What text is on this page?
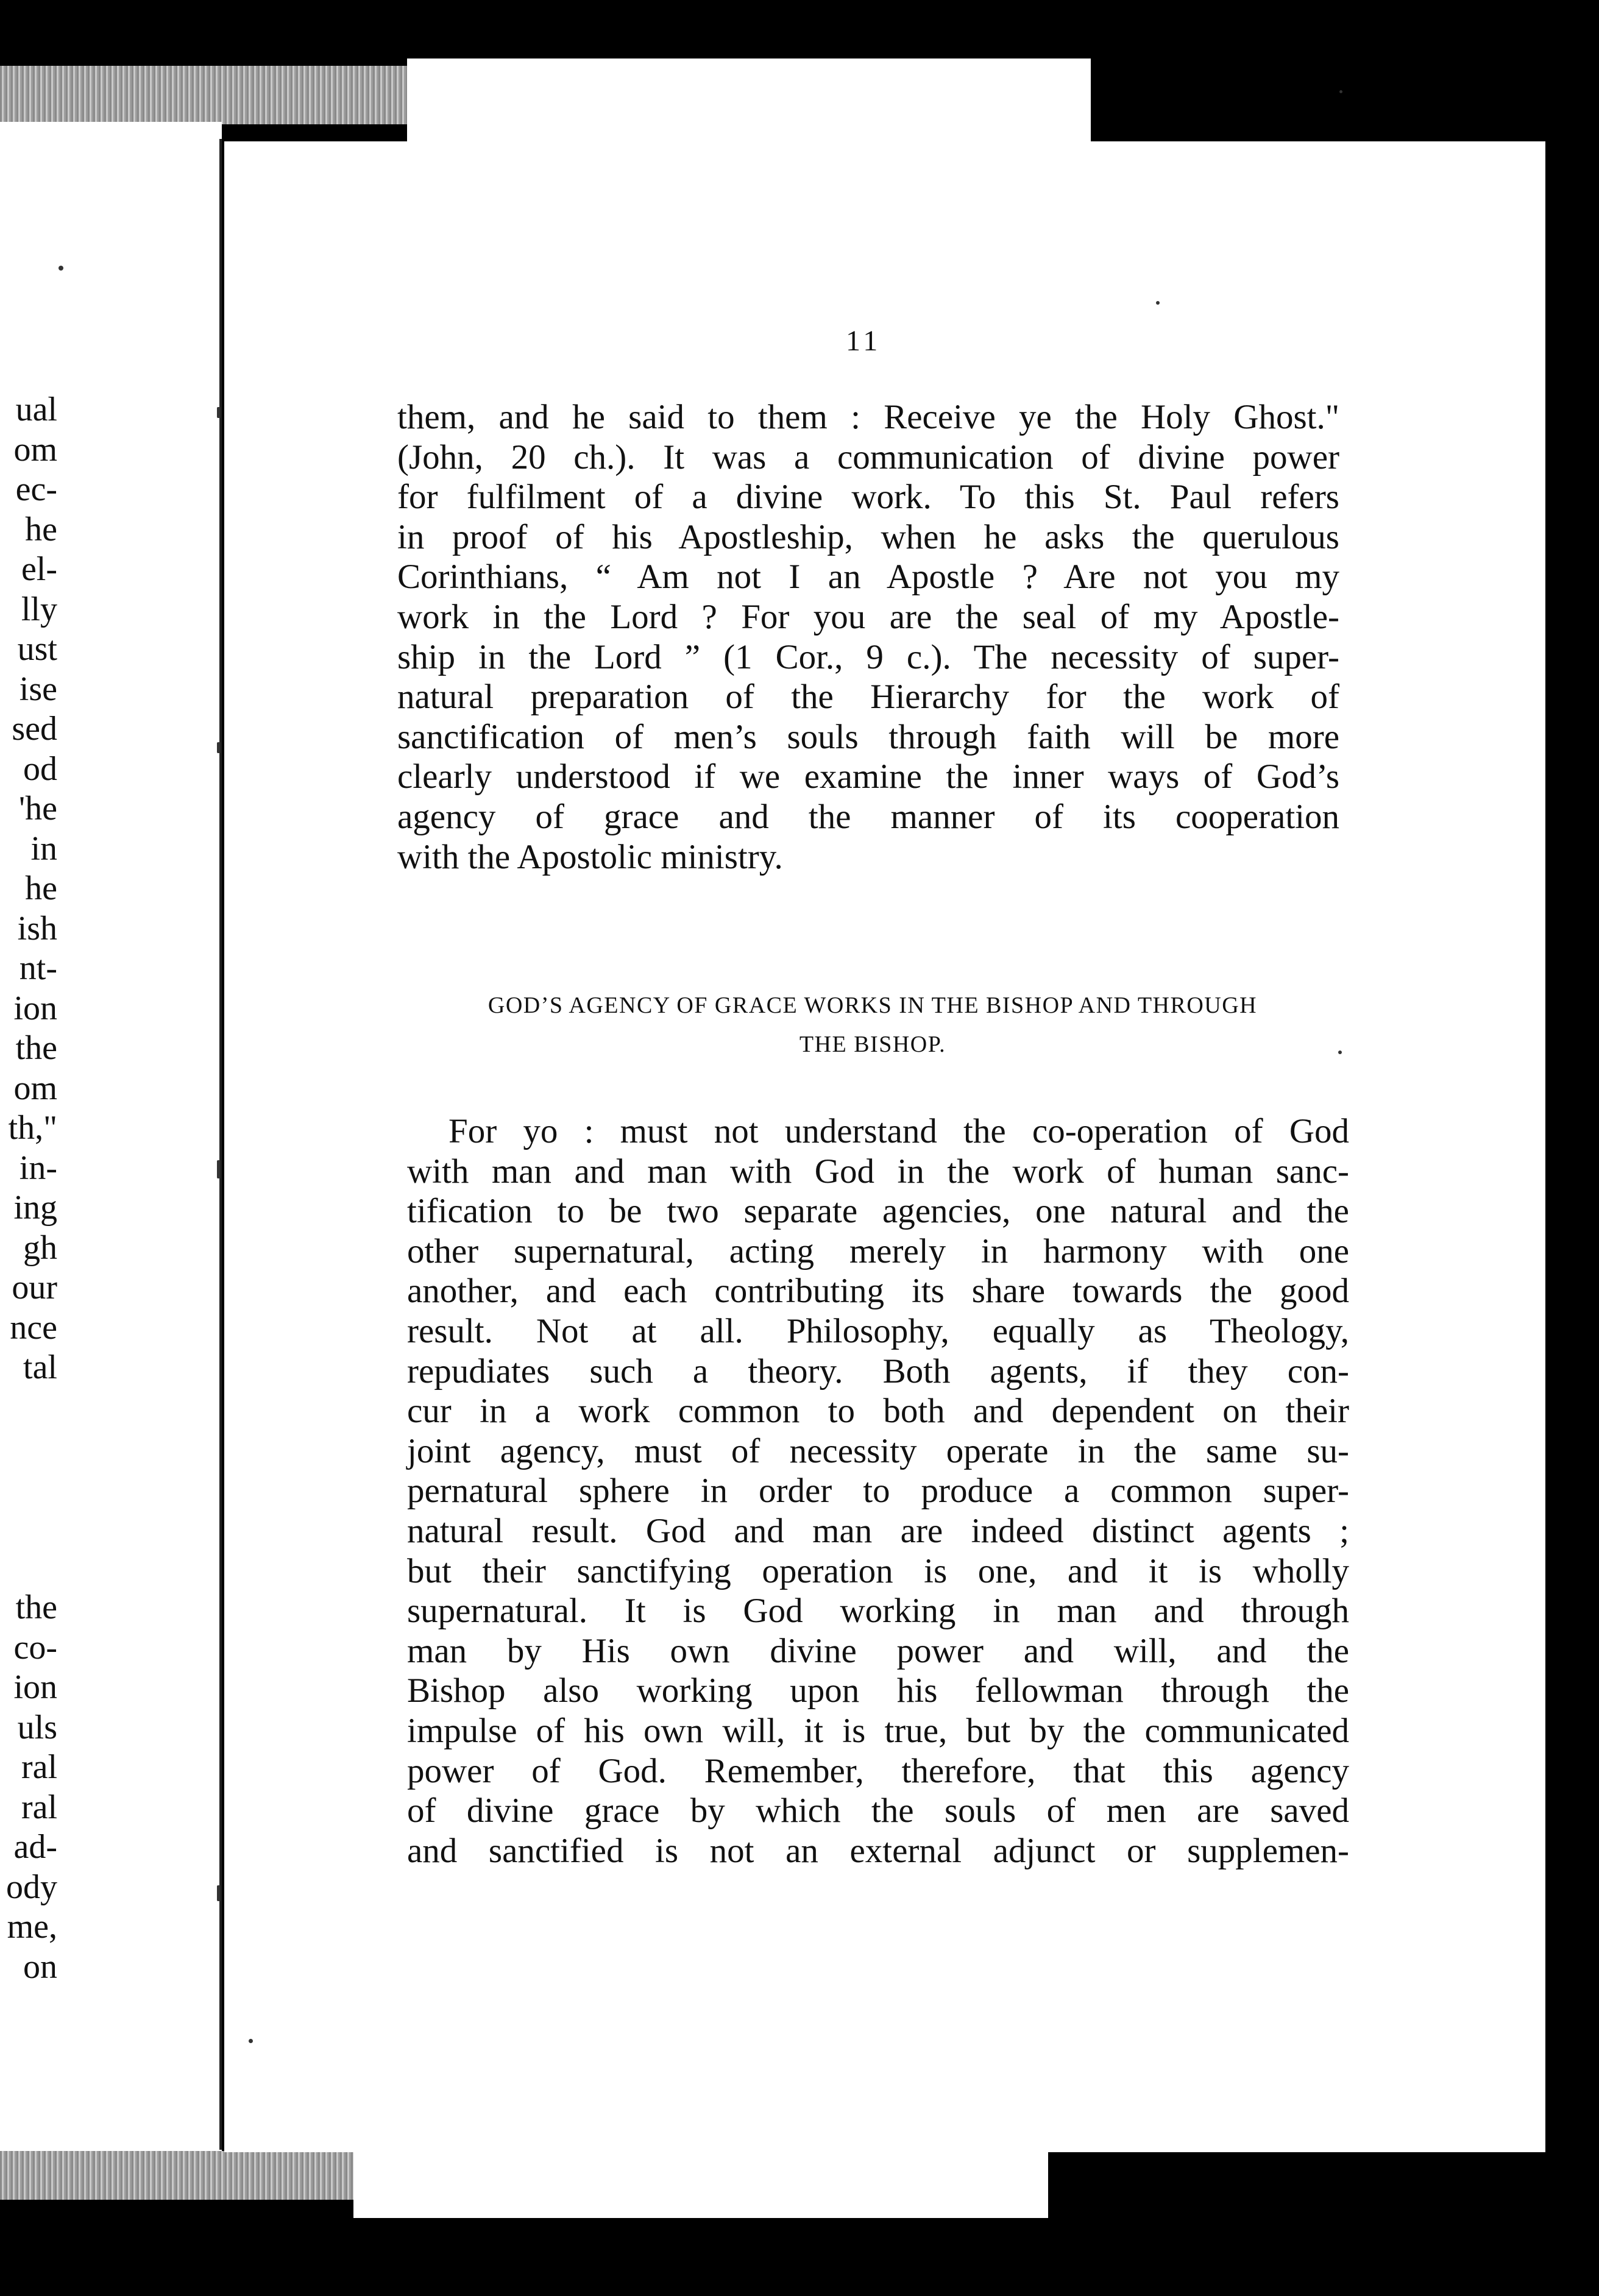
ual
om
ec-
he
el-
lly
ust
ise
sed
od
'he
in
he
ish
nt-
ion
the
om
th,"
in-
ing
gh
our
nce
tal
the
co-
ion
uls
ral
ral
ad-
ody
me,
on
11

them, and he said to them : Receive ye the Holy Ghost."
(John, 20 ch.). It was a communication of divine power
for fulfilment of a divine work. To this St. Paul refers
in proof of his Apostleship, when he asks the querulous
Corinthians, “ Am not I an Apostle ? Are not you my
work in the Lord ? For you are the seal of my Apostle-
ship in the Lord ” (1 Cor., 9 c.). The necessity of super-
natural preparation of the Hierarchy for the work of
sanctification of men’s souls through faith will be more
clearly understood if we examine the inner ways of God’s
agency of grace and the manner of its cooperation
with the Apostolic ministry.

GOD’S AGENCY OF GRACE WORKS IN THE BISHOP AND THROUGH
THE BISHOP.

For yo : must not understand the co-operation of God
with man and man with God in the work of human sanc-
tification to be two separate agencies, one natural and the
other supernatural, acting merely in harmony with one
another, and each contributing its share towards the good
result. Not at all. Philosophy, equally as Theology,
repudiates such a theory. Both agents, if they con-
cur in a work common to both and dependent on their
joint agency, must of necessity operate in the same su-
pernatural sphere in order to produce a common super-
natural result. God and man are indeed distinct agents ;
but their sanctifying operation is one, and it is wholly
supernatural. It is God working in man and through
man by His own divine power and will, and the
Bishop also working upon his fellowman through the
impulse of his own will, it is true, but by the communicated
power of God. Remember, therefore, that this agency
of divine grace by which the souls of men are saved
and sanctified is not an external adjunct or supplemen-
